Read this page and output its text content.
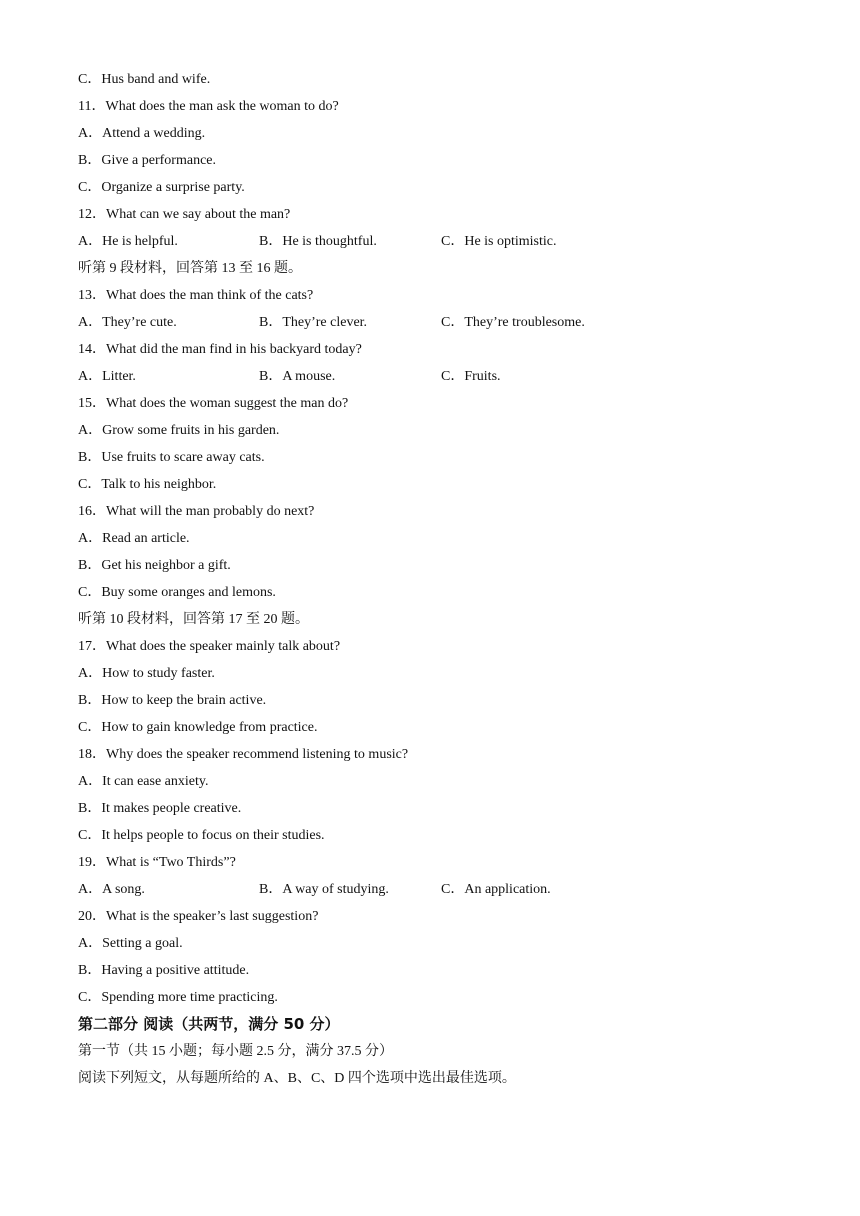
C．Hus band and wife.
11．What does the man ask the woman to do?
A．Attend a wedding.
B．Give a performance.
C．Organize a surprise party.
12．What can we say about the man?
A．He is helpful.	B．He is thoughtful.	C．He is optimistic.
听第 9 段材料，回答第 13 至 16 题。
13．What does the man think of the cats?
A．They’re cute.	B．They’re clever.	C．They’re troublesome.
14．What did the man find in his backyard today?
A．Litter.	B．A mouse.	C．Fruits.
15．What does the woman suggest the man do?
A．Grow some fruits in his garden.
B．Use fruits to scare away cats.
C．Talk to his neighbor.
16．What will the man probably do next?
A．Read an article.
B．Get his neighbor a gift.
C．Buy some oranges and lemons.
听第 10 段材料，回答第 17 至 20 题。
17．What does the speaker mainly talk about?
A．How to study faster.
B．How to keep the brain active.
C．How to gain knowledge from practice.
18．Why does the speaker recommend listening to music?
A．It can ease anxiety.
B．It makes people creative.
C．It helps people to focus on their studies.
19．What is “Two Thirds”?
A．A song.	B．A way of studying.	C．An application.
20．What is the speaker’s last suggestion?
A．Setting a goal.
B．Having a positive attitude.
C．Spending more time practicing.
第二部分 阅读（共两节，满分 50 分）
第一节（共 15 小题；每小题 2.5 分，满分 37.5 分）
阅读下列短文，从每题所给的 A、B、C、D 四个选项中选出最佳选项。
